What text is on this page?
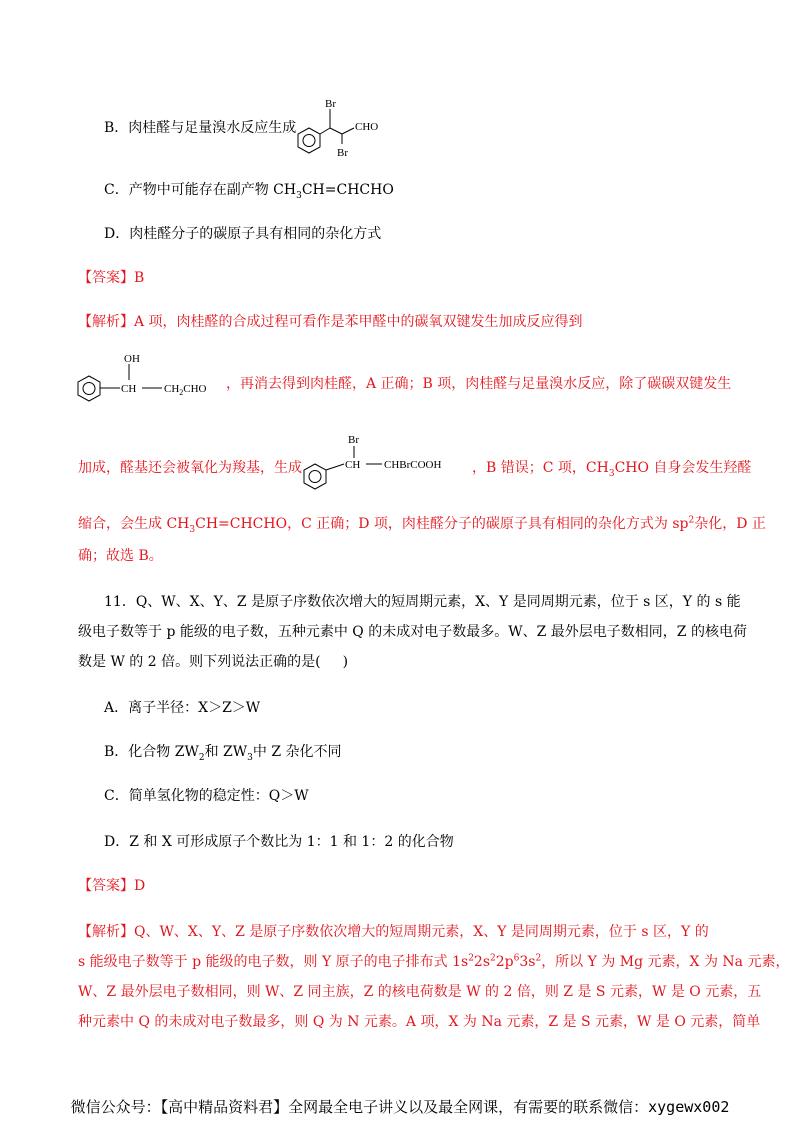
B．肉桂醛与足量溴水反应生成
Br
CHO
Br
C．产物中可能存在副产物 $CH_3CH=CHCHO$
D．肉桂醛分子的碳原子具有相同的杂化方式
【答案】B
【解析】A 项，肉桂醛的合成过程可看作是苯甲醛中的碳氧双键发生加成反应得到
OH
CH	$CH_2CHO$ ，再消去得到肉桂醛，A 正确；B 项，肉桂醛与足量溴水反应，除了碳碳双键发生
加成，醛基还会被氧化为羧基，生成
Br
CH CHBrCOOH ，B 错误；C 项，$CH_3CHO$ 自身会发生羟醛
缩合，会生成 $CH_3CH=CHCHO$，C 正确；D 项，肉桂醛分子的碳原子具有相同的杂化方式为 $sp^2$杂化，D 正
确；故选 B。
11．Q、W、X、Y、Z 是原子序数依次增大的短周期元素，X、Y 是同周期元素，位于 s 区，Y 的 s 能
级电子数等于 p 能级的电子数，五种元素中 Q 的未成对电子数最多。W、Z 最外层电子数相同，Z 的核电荷
数是 W 的 2 倍。则下列说法正确的是( )
A．离子半径：X＞Z＞W
B．化合物 $ZW_2$和 $ZW_3$中 Z 杂化不同
C．简单氢化物的稳定性：Q＞W
D．Z 和 X 可形成原子个数比为 1：1 和 1：2 的化合物
【答案】D
【解析】Q、W、X、Y、Z 是原子序数依次增大的短周期元素，X、Y 是同周期元素，位于 s 区，Y 的
s 能级电子数等于 p 能级的电子数，则 Y 原子的电子排布式 $1s^22s^22p^63s^2$，所以 Y 为 Mg 元素，X 为 Na 元素，
W、Z 最外层电子数相同，则 W、Z 同主族，Z 的核电荷数是 W 的 2 倍，则 Z 是 S 元素，W 是 O 元素，五
种元素中 Q 的未成对电子数最多，则 Q 为 N 元素。A 项，X 为 Na 元素，Z 是 S 元素，W 是 O 元素，简单
微信公众号：【高中精品资料君】全网最全电子讲义以及最全网课，有需要的联系微信：xygewx002
